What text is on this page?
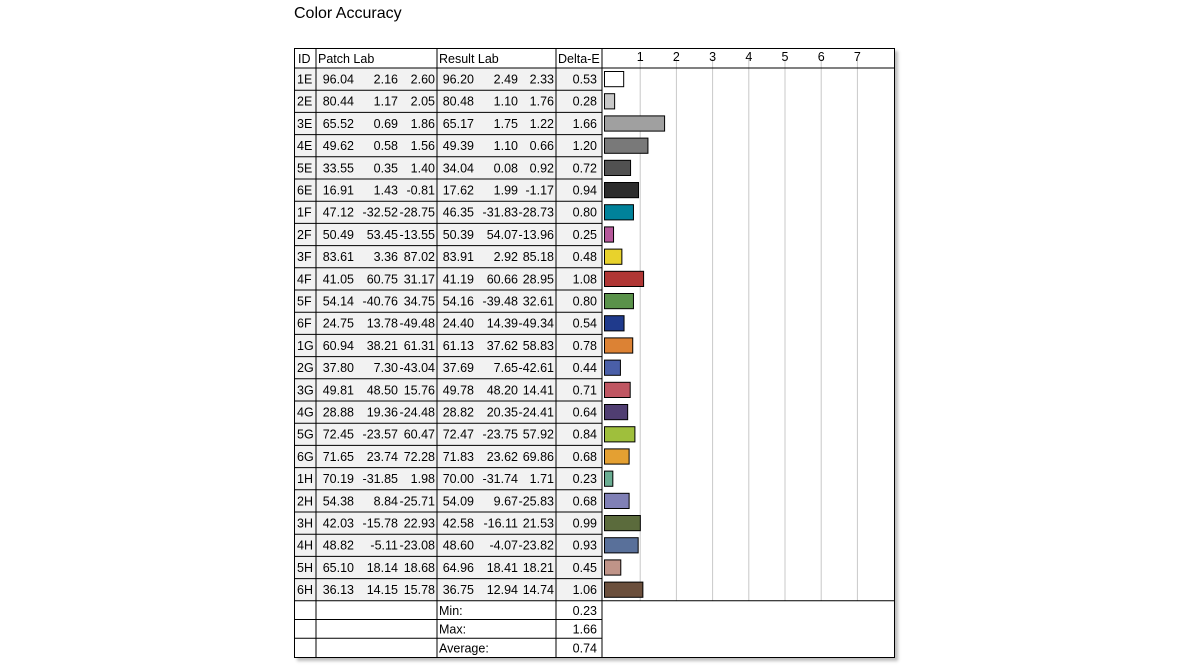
Color Accuracy
1 2 3 4 5 6 7
ID Patch Lab	Result Lab	Delta-E
1E 96.04 2.16 2.60 96.20 2.49 2.33 0.53
2E 80.44 1.17 2.05 80.48 1.10 1.76 0.28
3E 65.52 0.69 1.86 65.17 1.75 1.22 1.66
4E 49.62 0.58 1.56 49.39 1.10 0.66 1.20
5E 33.55 0.35 1.40 34.04 0.08 0.92 0.72
6E 16.91 1.43 -0.81 17.62 1.99 -1.17 0.94
1F 47.12 -32.52 -28.75 46.35 -31.83 -28.73 0.80
2F 50.49 53.45 -13.55 50.39 54.07 -13.96 0.25
3F 83.61 3.36 87.02 83.91 2.92 85.18 0.48
4F 41.05 60.75 31.17 41.19 60.66 28.95 1.08
5F 54.14 -40.76 34.75 54.16 -39.48 32.61 0.80
6F 24.75 13.78 -49.48 24.40 14.39 -49.34 0.54
1G 60.94 38.21 61.31 61.13 37.62 58.83 0.78
2G 37.80 7.30 -43.04 37.69 7.65 -42.61 0.44
3G 49.81 48.50 15.76 49.78 48.20 14.41 0.71
4G 28.88 19.36 -24.48 28.82 20.35 -24.41 0.64
5G 72.45 -23.57 60.47 72.47 -23.75 57.92 0.84
6G 71.65 23.74 72.28 71.83 23.62 69.86 0.68
1H 70.19 -31.85 1.98 70.00 -31.74 1.71 0.23
2H 54.38 8.84 -25.71 54.09 9.67 -25.83 0.68
3H 42.03 -15.78 22.93 42.58 -16.11 21.53 0.99
4H 48.82 -5.11 -23.08 48.60 -4.07 -23.82 0.93
5H 65.10 18.14 18.68 64.96 18.41 18.21 0.45
6H 36.13 14.15 15.78 36.75 12.94 14.74 1.06
Min:	0.23
Max:	1.66
Average:	0.74
